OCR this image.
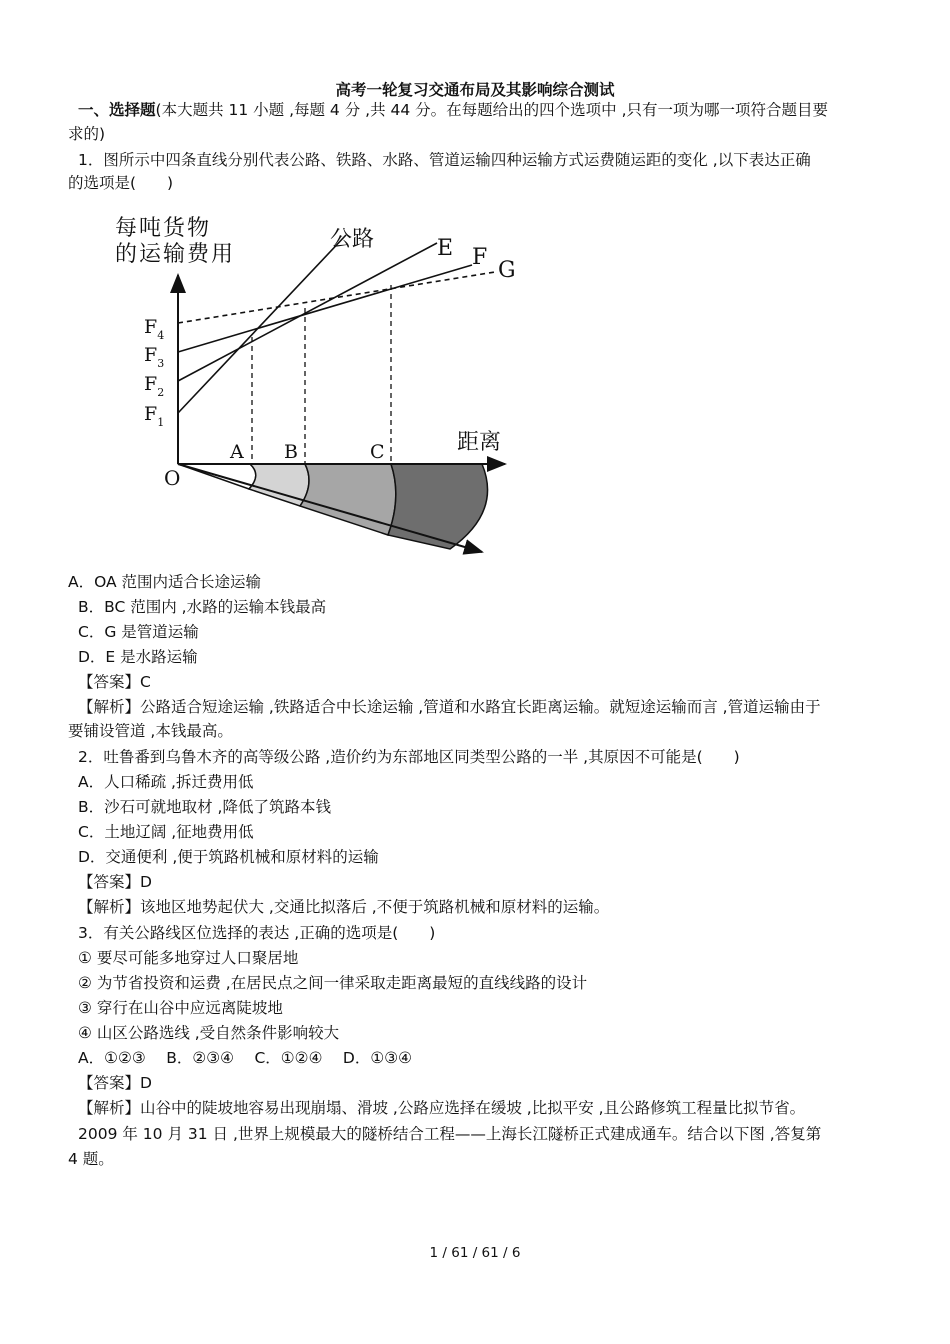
高考一轮复习交通布局及其影响综合测试
一、选择题(本大题共 11 小题 ,每题 4 分 ,共 44 分。在每题给出的四个选项中 ,只有一项为哪一项符合题目要
求的)
1．图所示中四条直线分别代表公路、铁路、水路、管道运输四种运输方式运费随运距的变化 ,以下表达正确
的选项是(　　)
每吨货物
的运输费用
公路	E F
G
距离
O
A B	C
$F_4$
$F_3$
$F_2$
$F_1$
A．OA 范围内适合长途运输
B．BC 范围内 ,水路的运输本钱最高
C．G 是管道运输
D．E 是水路运输
【答案】C
【解析】公路适合短途运输 ,铁路适合中长途运输 ,管道和水路宜长距离运输。就短途运输而言 ,管道运输由于
要铺设管道 ,本钱最高。
2．吐鲁番到乌鲁木齐的高等级公路 ,造价约为东部地区同类型公路的一半 ,其原因不可能是(　　)
A．人口稀疏 ,拆迁费用低
B．沙石可就地取材 ,降低了筑路本钱
C．土地辽阔 ,征地费用低
D．交通便利 ,便于筑路机械和原材料的运输
【答案】D
【解析】该地区地势起伏大 ,交通比拟落后 ,不便于筑路机械和原材料的运输。
3．有关公路线区位选择的表达 ,正确的选项是(　　)
① 要尽可能多地穿过人口聚居地
② 为节省投资和运费 ,在居民点之间一律采取走距离最短的直线线路的设计
③ 穿行在山谷中应远离陡坡地
④ 山区公路选线 ,受自然条件影响较大
A．①②③　 B．②③④　 C．①②④　 D．①③④
【答案】D
【解析】山谷中的陡坡地容易出现崩塌、滑坡 ,公路应选择在缓坡 ,比拟平安 ,且公路修筑工程量比拟节省。
2009 年 10 月 31 日 ,世界上规模最大的隧桥结合工程——上海长江隧桥正式建成通车。结合以下图 ,答复第
4 题。
1 / 61 / 61 / 6
